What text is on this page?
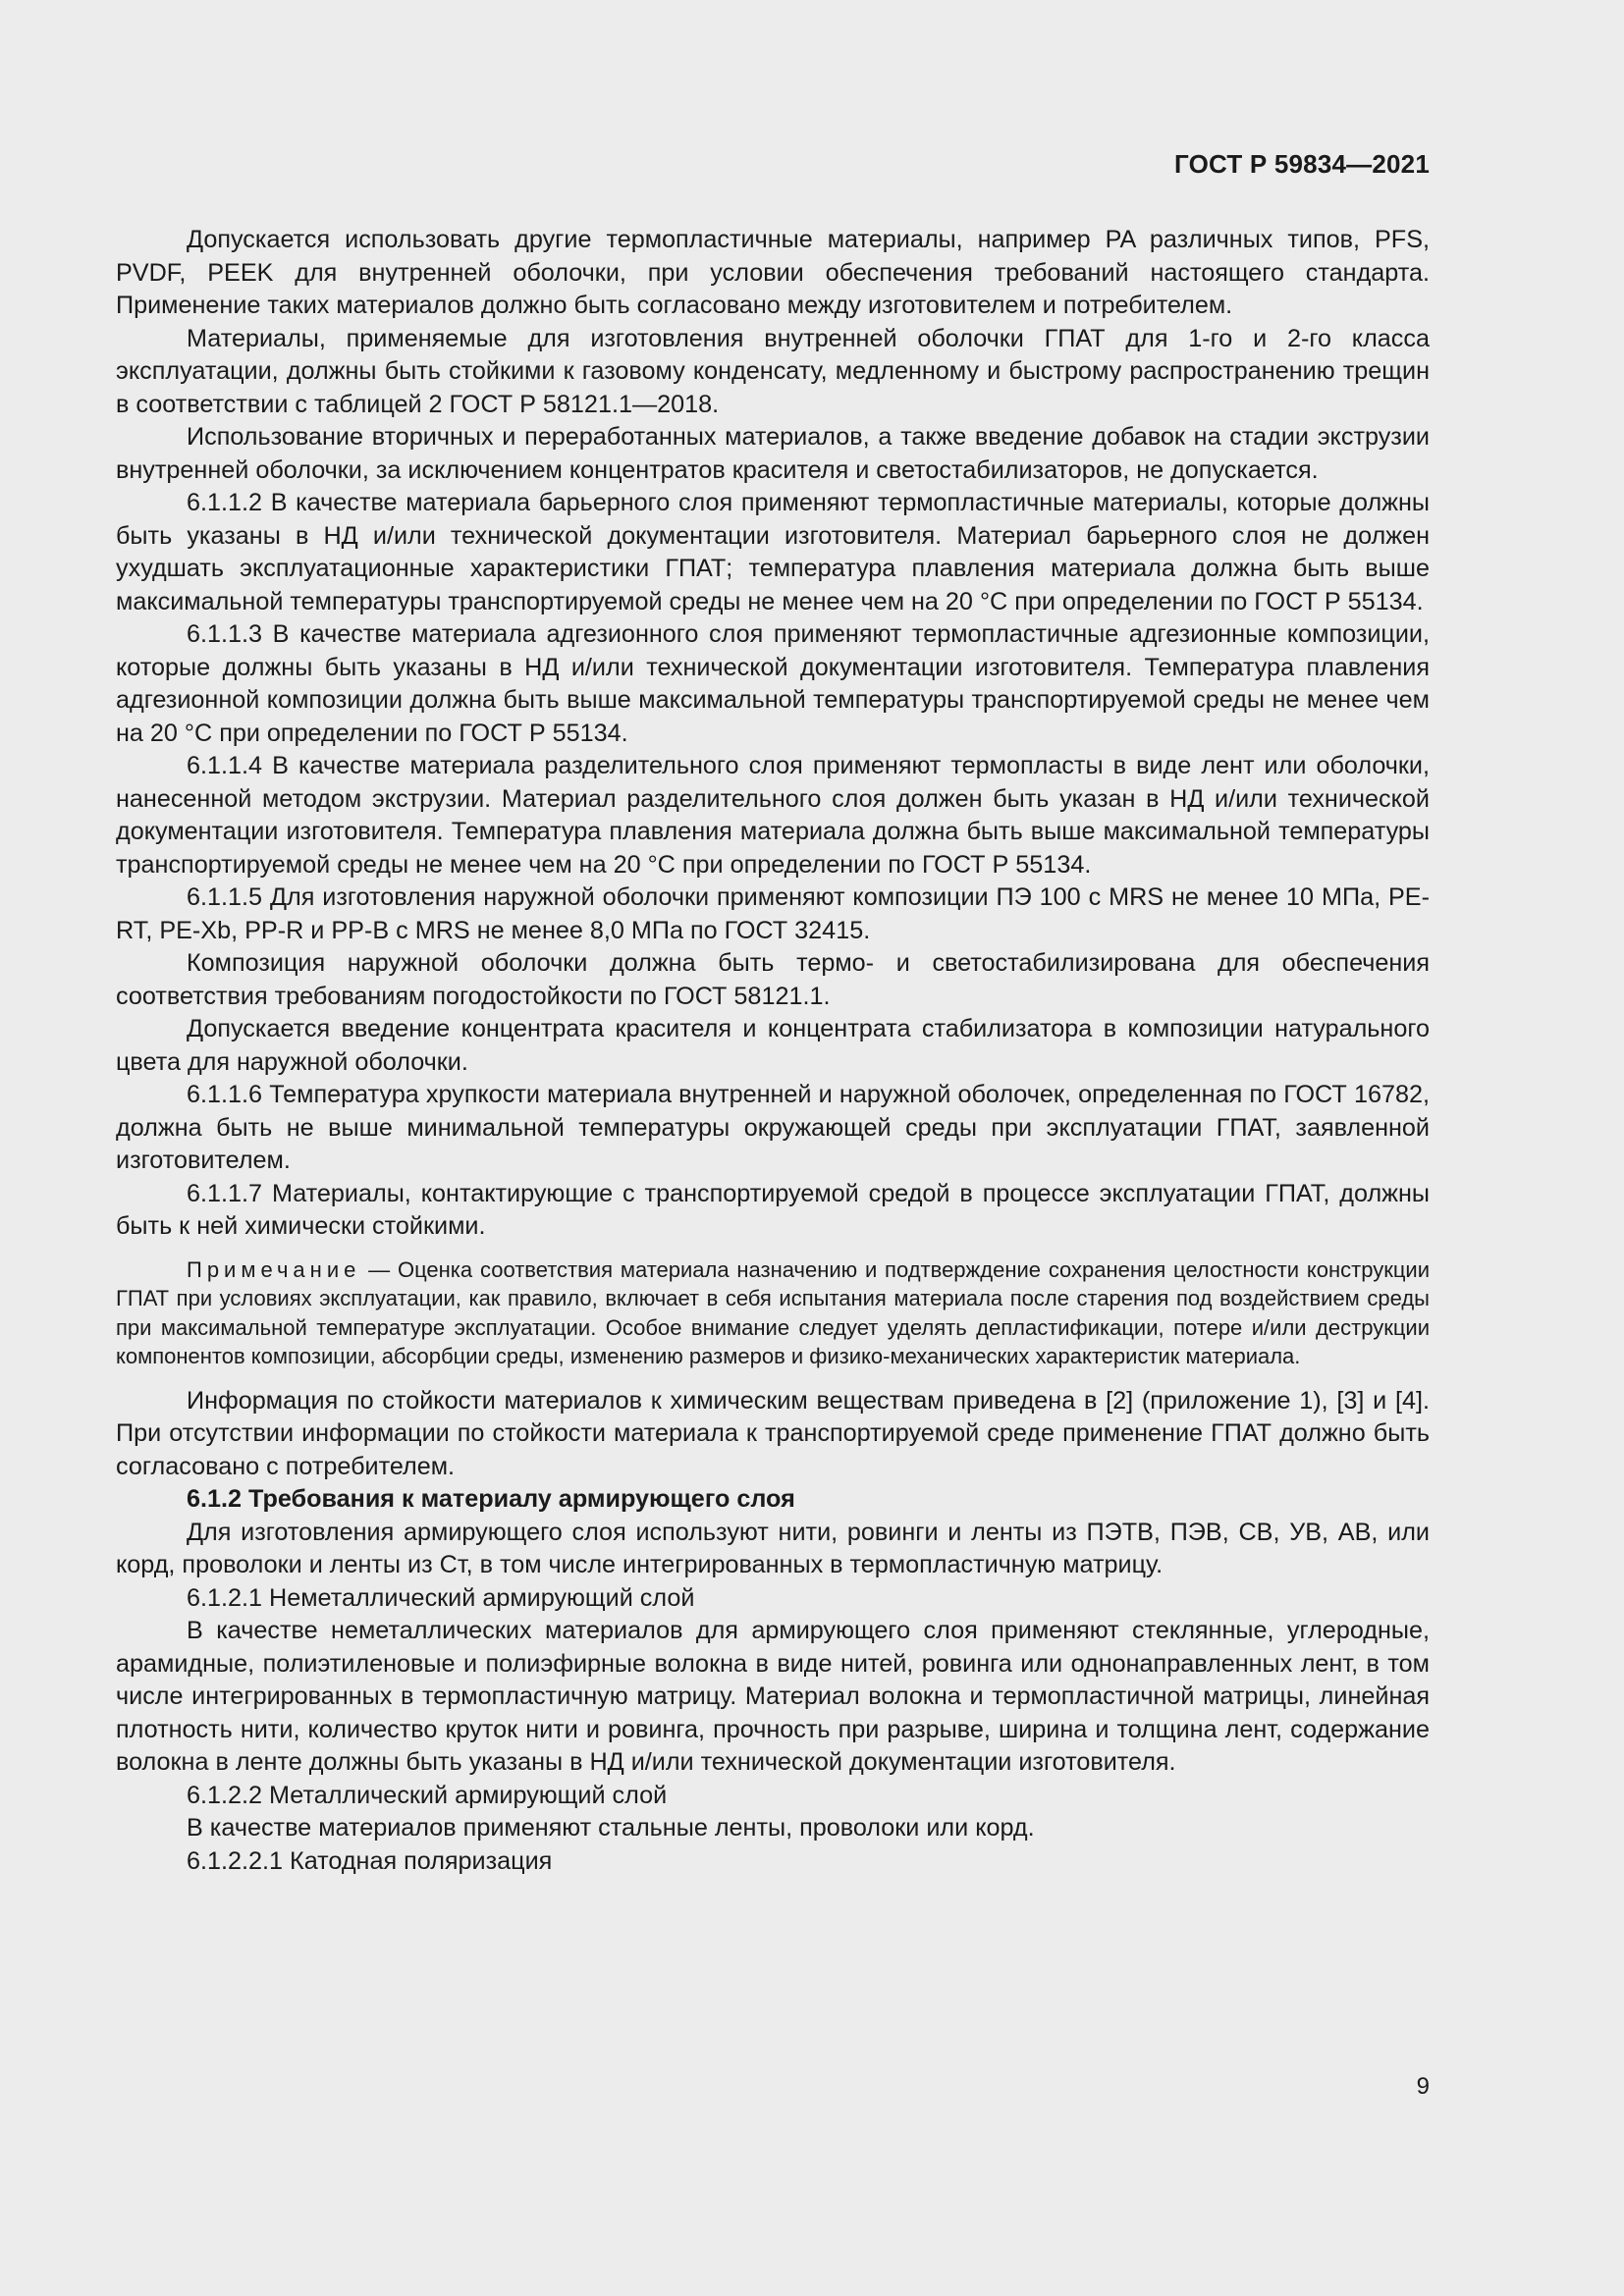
ГОСТ Р 59834—2021

Допускается использовать другие термопластичные материалы, например PA различных типов, PFS, PVDF, PEEK для внутренней оболочки, при условии обеспечения требований настоящего стандарта. Применение таких материалов должно быть согласовано между изготовителем и потребителем.

Материалы, применяемые для изготовления внутренней оболочки ГПАТ для 1-го и 2-го класса эксплуатации, должны быть стойкими к газовому конденсату, медленному и быстрому распространению трещин в соответствии с таблицей 2 ГОСТ Р 58121.1—2018.

Использование вторичных и переработанных материалов, а также введение добавок на стадии экструзии внутренней оболочки, за исключением концентратов красителя и светостабилизаторов, не допускается.

6.1.1.2 В качестве материала барьерного слоя применяют термопластичные материалы, которые должны быть указаны в НД и/или технической документации изготовителя. Материал барьерного слоя не должен ухудшать эксплуатационные характеристики ГПАТ; температура плавления материала должна быть выше максимальной температуры транспортируемой среды не менее чем на 20 °С при определении по ГОСТ Р 55134.

6.1.1.3 В качестве материала адгезионного слоя применяют термопластичные адгезионные композиции, которые должны быть указаны в НД и/или технической документации изготовителя. Температура плавления адгезионной композиции должна быть выше максимальной температуры транспортируемой среды не менее чем на 20 °С при определении по ГОСТ Р 55134.

6.1.1.4 В качестве материала разделительного слоя применяют термопласты в виде лент или оболочки, нанесенной методом экструзии. Материал разделительного слоя должен быть указан в НД и/или технической документации изготовителя. Температура плавления материала должна быть выше максимальной температуры транспортируемой среды не менее чем на 20 °С при определении по ГОСТ Р 55134.

6.1.1.5 Для изготовления наружной оболочки применяют композиции ПЭ 100 с MRS не менее 10 МПа, PE-RT, PE-Xb, PP-R и PP-B с MRS не менее 8,0 МПа по ГОСТ 32415.

Композиция наружной оболочки должна быть термо- и светостабилизирована для обеспечения соответствия требованиям погодостойкости по ГОСТ 58121.1.

Допускается введение концентрата красителя и концентрата стабилизатора в композиции натурального цвета для наружной оболочки.

6.1.1.6 Температура хрупкости материала внутренней и наружной оболочек, определенная по ГОСТ 16782, должна быть не выше минимальной температуры окружающей среды при эксплуатации ГПАТ, заявленной изготовителем.

6.1.1.7 Материалы, контактирующие с транспортируемой средой в процессе эксплуатации ГПАТ, должны быть к ней химически стойкими.

Примечание — Оценка соответствия материала назначению и подтверждение сохранения целостности конструкции ГПАТ при условиях эксплуатации, как правило, включает в себя испытания материала после старения под воздействием среды при максимальной температуре эксплуатации. Особое внимание следует уделять депластификации, потере и/или деструкции компонентов композиции, абсорбции среды, изменению размеров и физико-механических характеристик материала.

Информация по стойкости материалов к химическим веществам приведена в [2] (приложение 1), [3] и [4]. При отсутствии информации по стойкости материала к транспортируемой среде применение ГПАТ должно быть согласовано с потребителем.

6.1.2 Требования к материалу армирующего слоя

Для изготовления армирующего слоя используют нити, ровинги и ленты из ПЭТВ, ПЭВ, СВ, УВ, АВ, или корд, проволоки и ленты из Ст, в том числе интегрированных в термопластичную матрицу.

6.1.2.1 Неметаллический армирующий слой

В качестве неметаллических материалов для армирующего слоя применяют стеклянные, углеродные, арамидные, полиэтиленовые и полиэфирные волокна в виде нитей, ровинга или однонаправленных лент, в том числе интегрированных в термопластичную матрицу. Материал волокна и термопластичной матрицы, линейная плотность нити, количество круток нити и ровинга, прочность при разрыве, ширина и толщина лент, содержание волокна в ленте должны быть указаны в НД и/или технической документации изготовителя.

6.1.2.2 Металлический армирующий слой

В качестве материалов применяют стальные ленты, проволоки или корд.

6.1.2.2.1 Катодная поляризация

9
